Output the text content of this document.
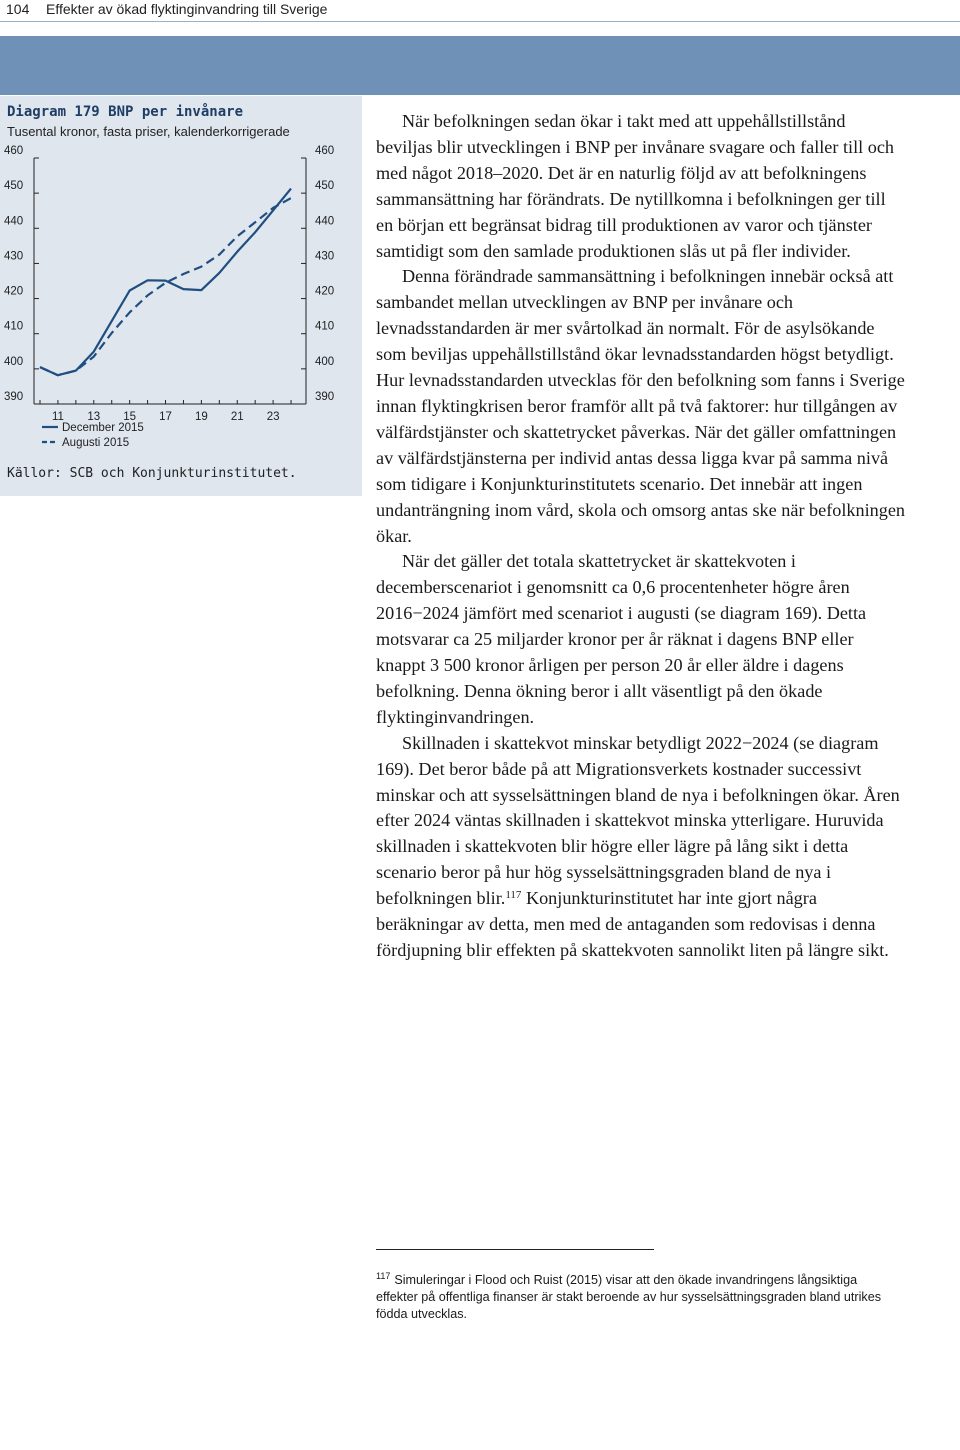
104 Effekter av ökad flyktinginvandring till Sverige
Diagram 179 BNP per invånare
Tusental kronor, fasta priser, kalenderkorrigerade
390	390
400	400
410	410
420	420
430	430
440	440
450	450
460	460
11 13 15 17 19 21 23
December 2015
Augusti 2015
Källor: SCB och Konjunkturinstitutet.

När befolkningen sedan ökar i takt med att uppehållstillstånd beviljas blir utvecklingen i BNP per invånare svagare och faller till och med något 2018–2020. Det är en naturlig följd av att befolkningens sammansättning har förändrats. De nytillkomna i befolkningen ger till en början ett begränsat bidrag till produktionen av varor och tjänster samtidigt som den samlade produktionen slås ut på fler individer.

Denna förändrade sammansättning i befolkningen innebär också att sambandet mellan utvecklingen av BNP per invånare och levnadsstandarden är mer svårtolkad än normalt. För de asylsökande som beviljas uppehållstillstånd ökar levnadsstandarden högst betydligt. Hur levnadsstandarden utvecklas för den befolkning som fanns i Sverige innan flyktingkrisen beror framför allt på två faktorer: hur tillgången av välfärdstjänster och skattetrycket påverkas. När det gäller omfattningen av välfärdstjänsterna per individ antas dessa ligga kvar på samma nivå som tidigare i Konjunkturinstitutets scenario. Det innebär att ingen undanträngning inom vård, skola och omsorg antas ske när befolkningen ökar.

När det gäller det totala skattetrycket är skattekvoten i decemberscenariot i genomsnitt ca 0,6 procentenheter högre åren 2016−2024 jämfört med scenariot i augusti (se diagram 169). Detta motsvarar ca 25 miljarder kronor per år räknat i dagens BNP eller knappt 3 500 kronor årligen per person 20 år eller äldre i dagens befolkning. Denna ökning beror i allt väsentligt på den ökade flyktinginvandringen.

Skillnaden i skattekvot minskar betydligt 2022−2024 (se diagram 169). Det beror både på att Migrationsverkets kostnader successivt minskar och att sysselsättningen bland de nya i befolkningen ökar. Åren efter 2024 väntas skillnaden i skattekvot minska ytterligare. Huruvida skillnaden i skattekvoten blir högre eller lägre på lång sikt i detta scenario beror på hur hög sysselsättningsgraden bland de nya i befolkningen blir.$^{117}$ Konjunkturinstitutet har inte gjort några beräkningar av detta, men med de antaganden som redovisas i denna fördjupning blir effekten på skattekvoten sannolikt liten på längre sikt.

$^{117}$ Simuleringar i Flood och Ruist (2015) visar att den ökade invandringens långsiktiga effekter på offentliga finanser är stakt beroende av hur sysselsättningsgraden bland utrikes födda utvecklas.
